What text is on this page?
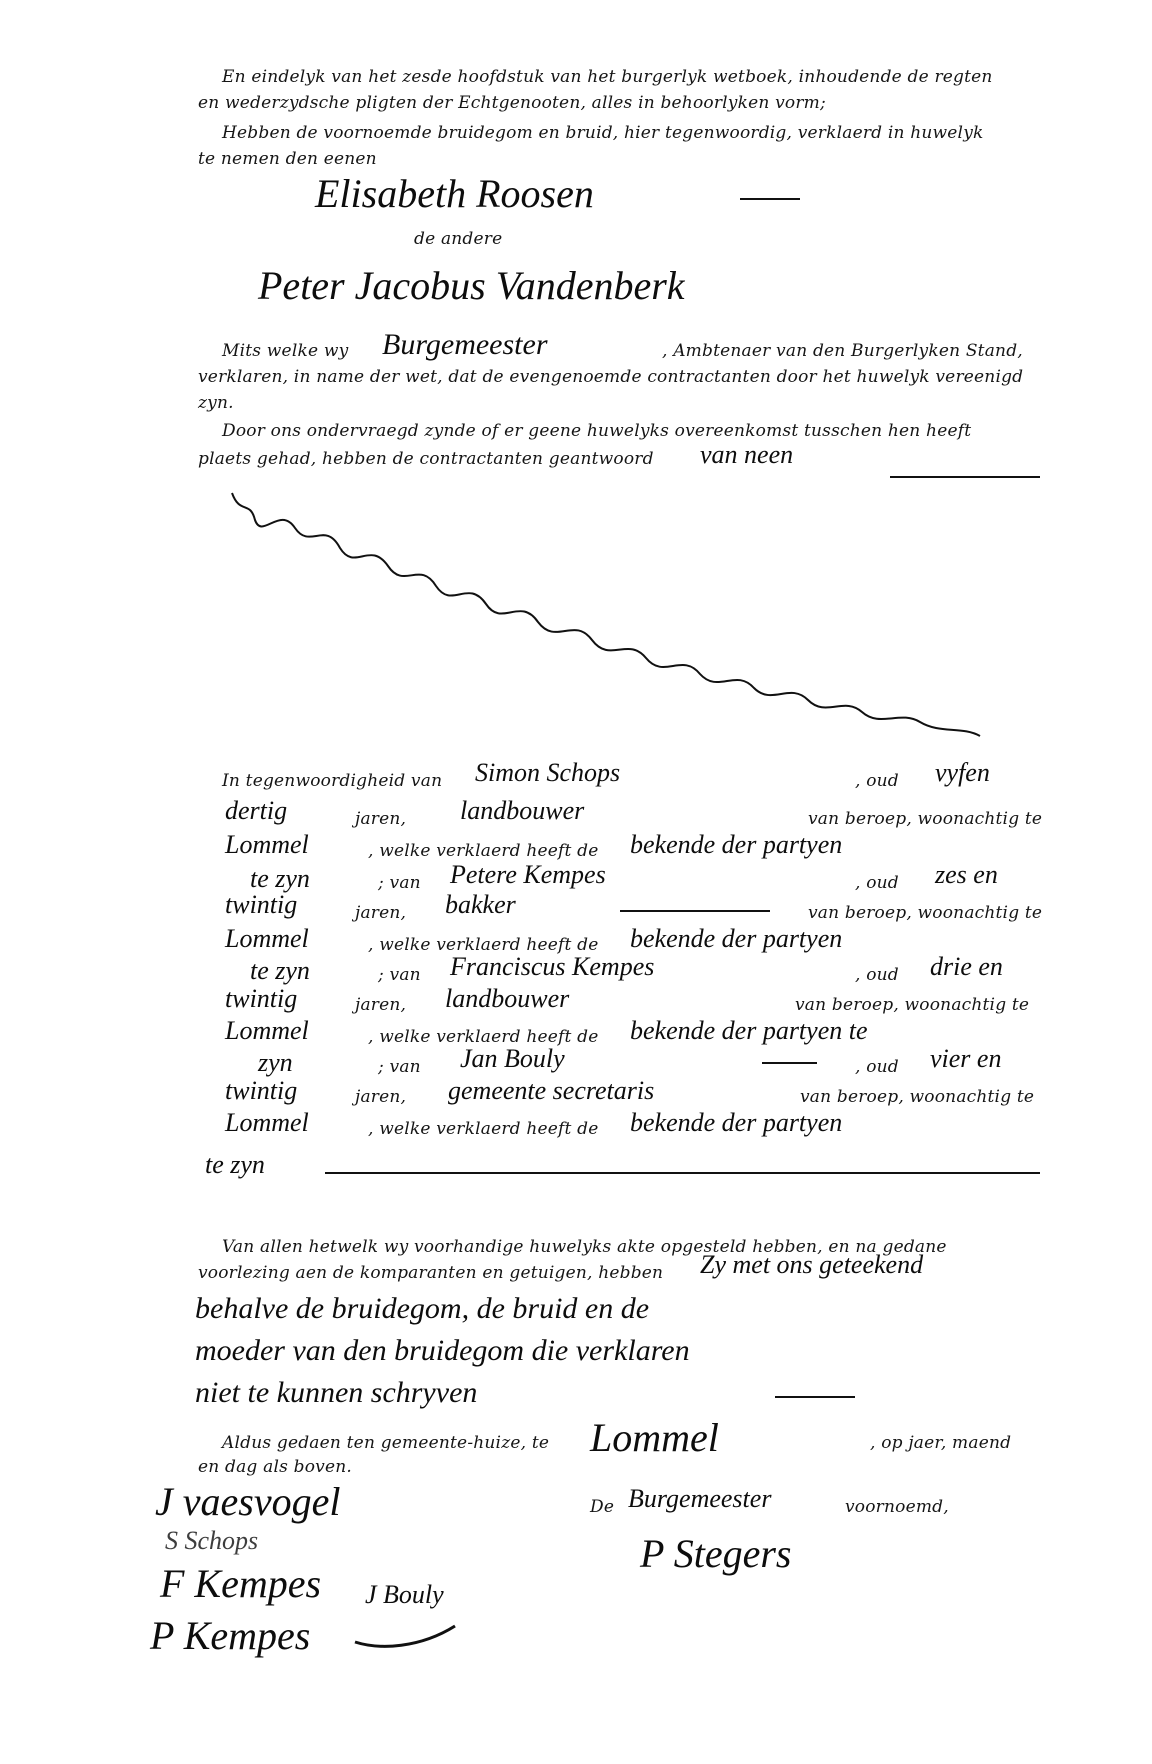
En eindelyk van het zesde hoofdstuk van het burgerlyk wetboek, inhoudende de regten
en wederzydsche pligten der Echtgenooten, alles in behoorlyken vorm;
Hebben de voornoemde bruidegom en bruid, hier tegenwoordig, verklaerd in huwelyk
te nemen den eenen
Elisabeth Roosen
de andere
Peter Jacobus Vandenberk
Mits welke wy Burgemeester	, Ambtenaer van den Burgerlyken Stand,
verklaren, in name der wet, dat de evengenoemde contractanten door het huwelyk vereenigd
zyn.
Door ons ondervraegd zynde of er geene huwelyks overeenkomst tusschen hen heeft
plaets gehad, hebben de contractanten geantwoord van neen
In tegenwoordigheid van Simon Schops	, oud vyfen
dertig	jaren, landbouwer	van beroep, woonachtig te
Lommel	, welke verklaerd heeft de bekende der partyen
te zyn	; van Petere Kempes	, oud zes en
twintig	jaren, bakker	van beroep, woonachtig te
Lommel	, welke verklaerd heeft de bekende der partyen
te zyn	; van Franciscus Kempes	, oud drie en
twintig	jaren, landbouwer	van beroep, woonachtig te
Lommel	, welke verklaerd heeft de bekende der partyen te
zyn	; van Jan Bouly	, oud vier en
twintig	jaren, gemeente secretaris	van beroep, woonachtig te
Lommel	, welke verklaerd heeft de bekende der partyen
te zyn
Van allen hetwelk wy voorhandige huwelyks akte opgesteld hebben, en na gedane
voorlezing aen de komparanten en getuigen, hebben Zy met ons geteekend
behalve de bruidegom, de bruid en de
moeder van den bruidegom die verklaren
niet te kunnen schryven
Aldus gedaen ten gemeente-huize, te Lommel	, op jaer, maend
en dag als boven.
De Burgemeester	voornoemd,
P Stegers
J vaesvogel
S Schops
F Kempes J Bouly
P Kempes
